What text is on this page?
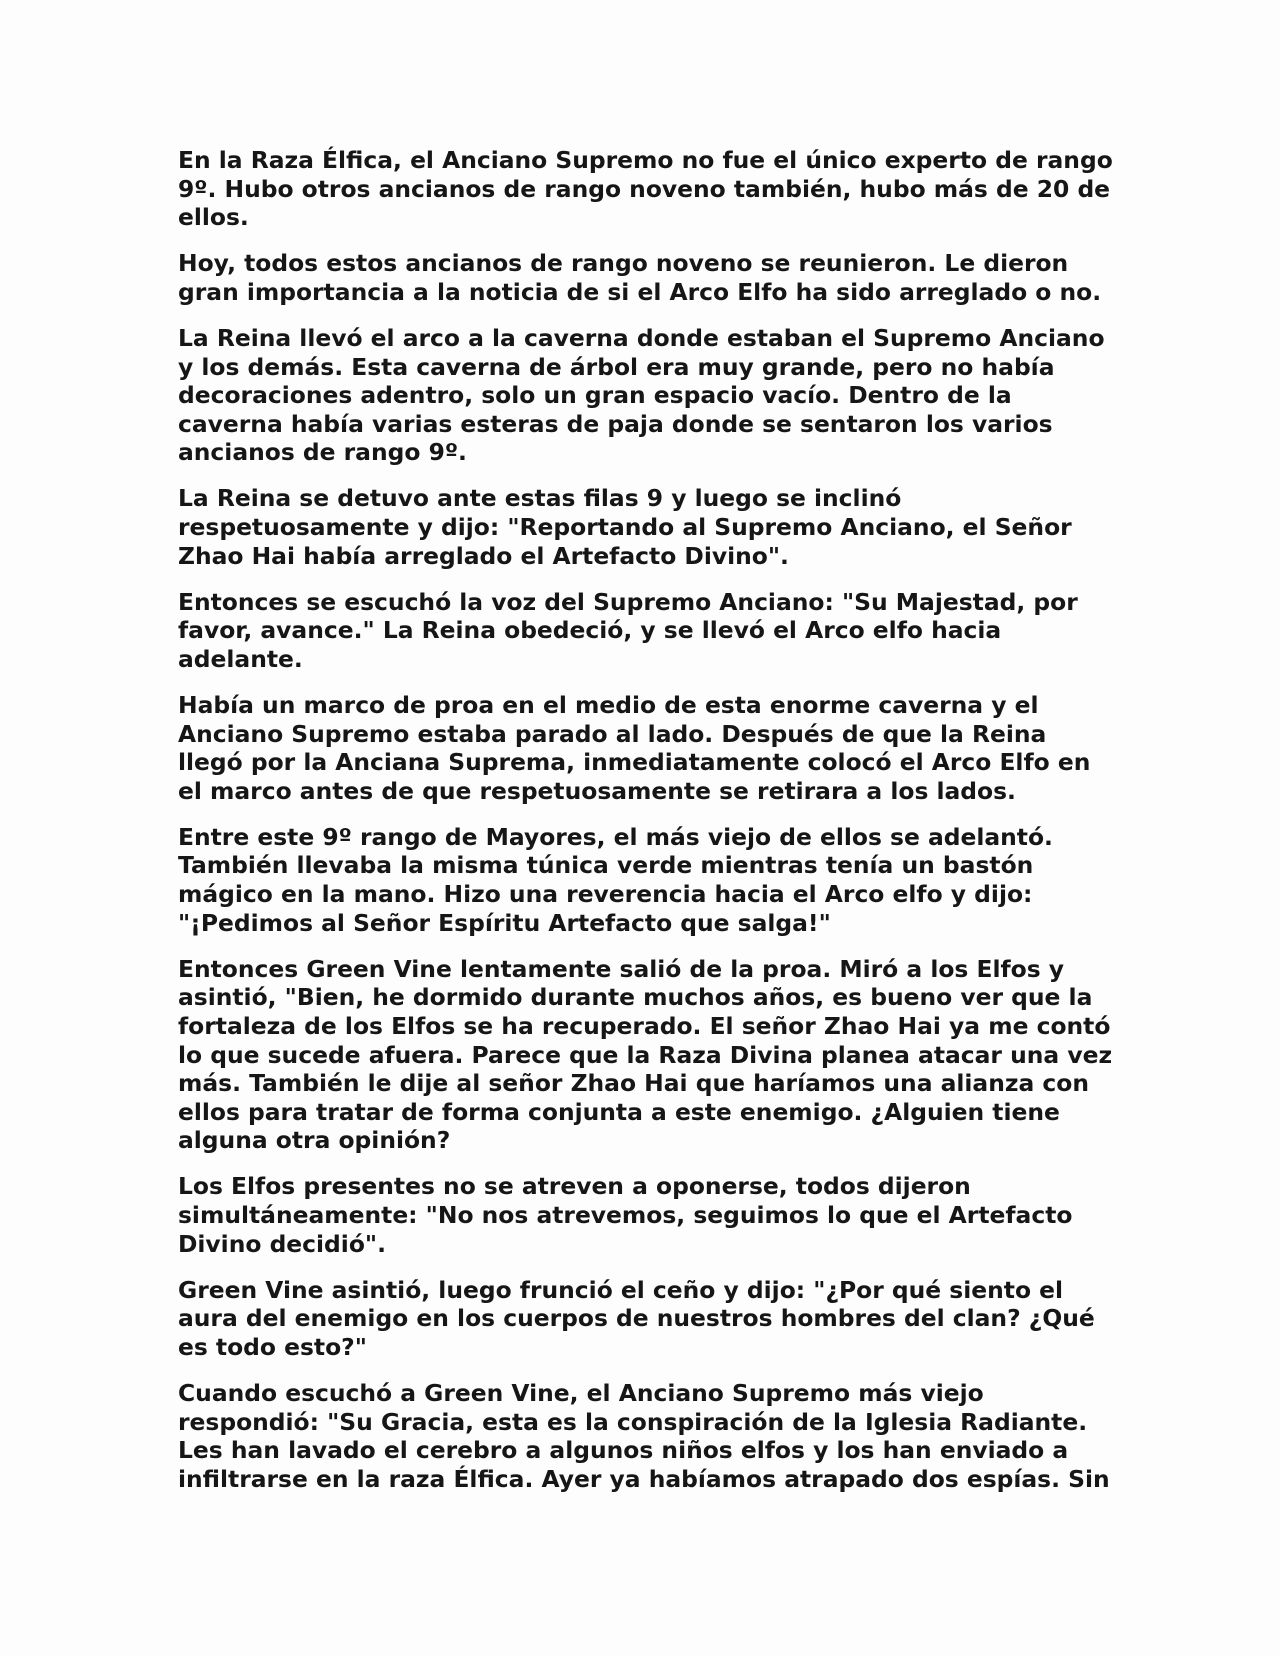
En la Raza Élfica, el Anciano Supremo no fue el único experto de rango 9º. Hubo otros ancianos de rango noveno también, hubo más de 20 de ellos.

Hoy, todos estos ancianos de rango noveno se reunieron. Le dieron gran importancia a la noticia de si el Arco Elfo ha sido arreglado o no.

La Reina llevó el arco a la caverna donde estaban el Supremo Anciano y los demás. Esta caverna de árbol era muy grande, pero no había decoraciones adentro, solo un gran espacio vacío. Dentro de la caverna había varias esteras de paja donde se sentaron los varios ancianos de rango 9º.

La Reina se detuvo ante estas filas 9 y luego se inclinó respetuosamente y dijo: "Reportando al Supremo Anciano, el Señor Zhao Hai había arreglado el Artefacto Divino".

Entonces se escuchó la voz del Supremo Anciano: "Su Majestad, por favor, avance." La Reina obedeció, y se llevó el Arco elfo hacia adelante.

Había un marco de proa en el medio de esta enorme caverna y el Anciano Supremo estaba parado al lado. Después de que la Reina llegó por la Anciana Suprema, inmediatamente colocó el Arco Elfo en el marco antes de que respetuosamente se retirara a los lados.

Entre este 9º rango de Mayores, el más viejo de ellos se adelantó. También llevaba la misma túnica verde mientras tenía un bastón mágico en la mano. Hizo una reverencia hacia el Arco elfo y dijo: "¡Pedimos al Señor Espíritu Artefacto que salga!"

Entonces Green Vine lentamente salió de la proa. Miró a los Elfos y asintió, "Bien, he dormido durante muchos años, es bueno ver que la fortaleza de los Elfos se ha recuperado. El señor Zhao Hai ya me contó lo que sucede afuera. Parece que la Raza Divina planea atacar una vez más. También le dije al señor Zhao Hai que haríamos una alianza con ellos para tratar de forma conjunta a este enemigo. ¿Alguien tiene alguna otra opinión?

Los Elfos presentes no se atreven a oponerse, todos dijeron simultáneamente: "No nos atrevemos, seguimos lo que el Artefacto Divino decidió".

Green Vine asintió, luego frunció el ceño y dijo: "¿Por qué siento el aura del enemigo en los cuerpos de nuestros hombres del clan? ¿Qué es todo esto?"

Cuando escuchó a Green Vine, el Anciano Supremo más viejo respondió: "Su Gracia, esta es la conspiración de la Iglesia Radiante. Les han lavado el cerebro a algunos niños elfos y los han enviado a infiltrarse en la raza Élfica. Ayer ya habíamos atrapado dos espías. Sin
